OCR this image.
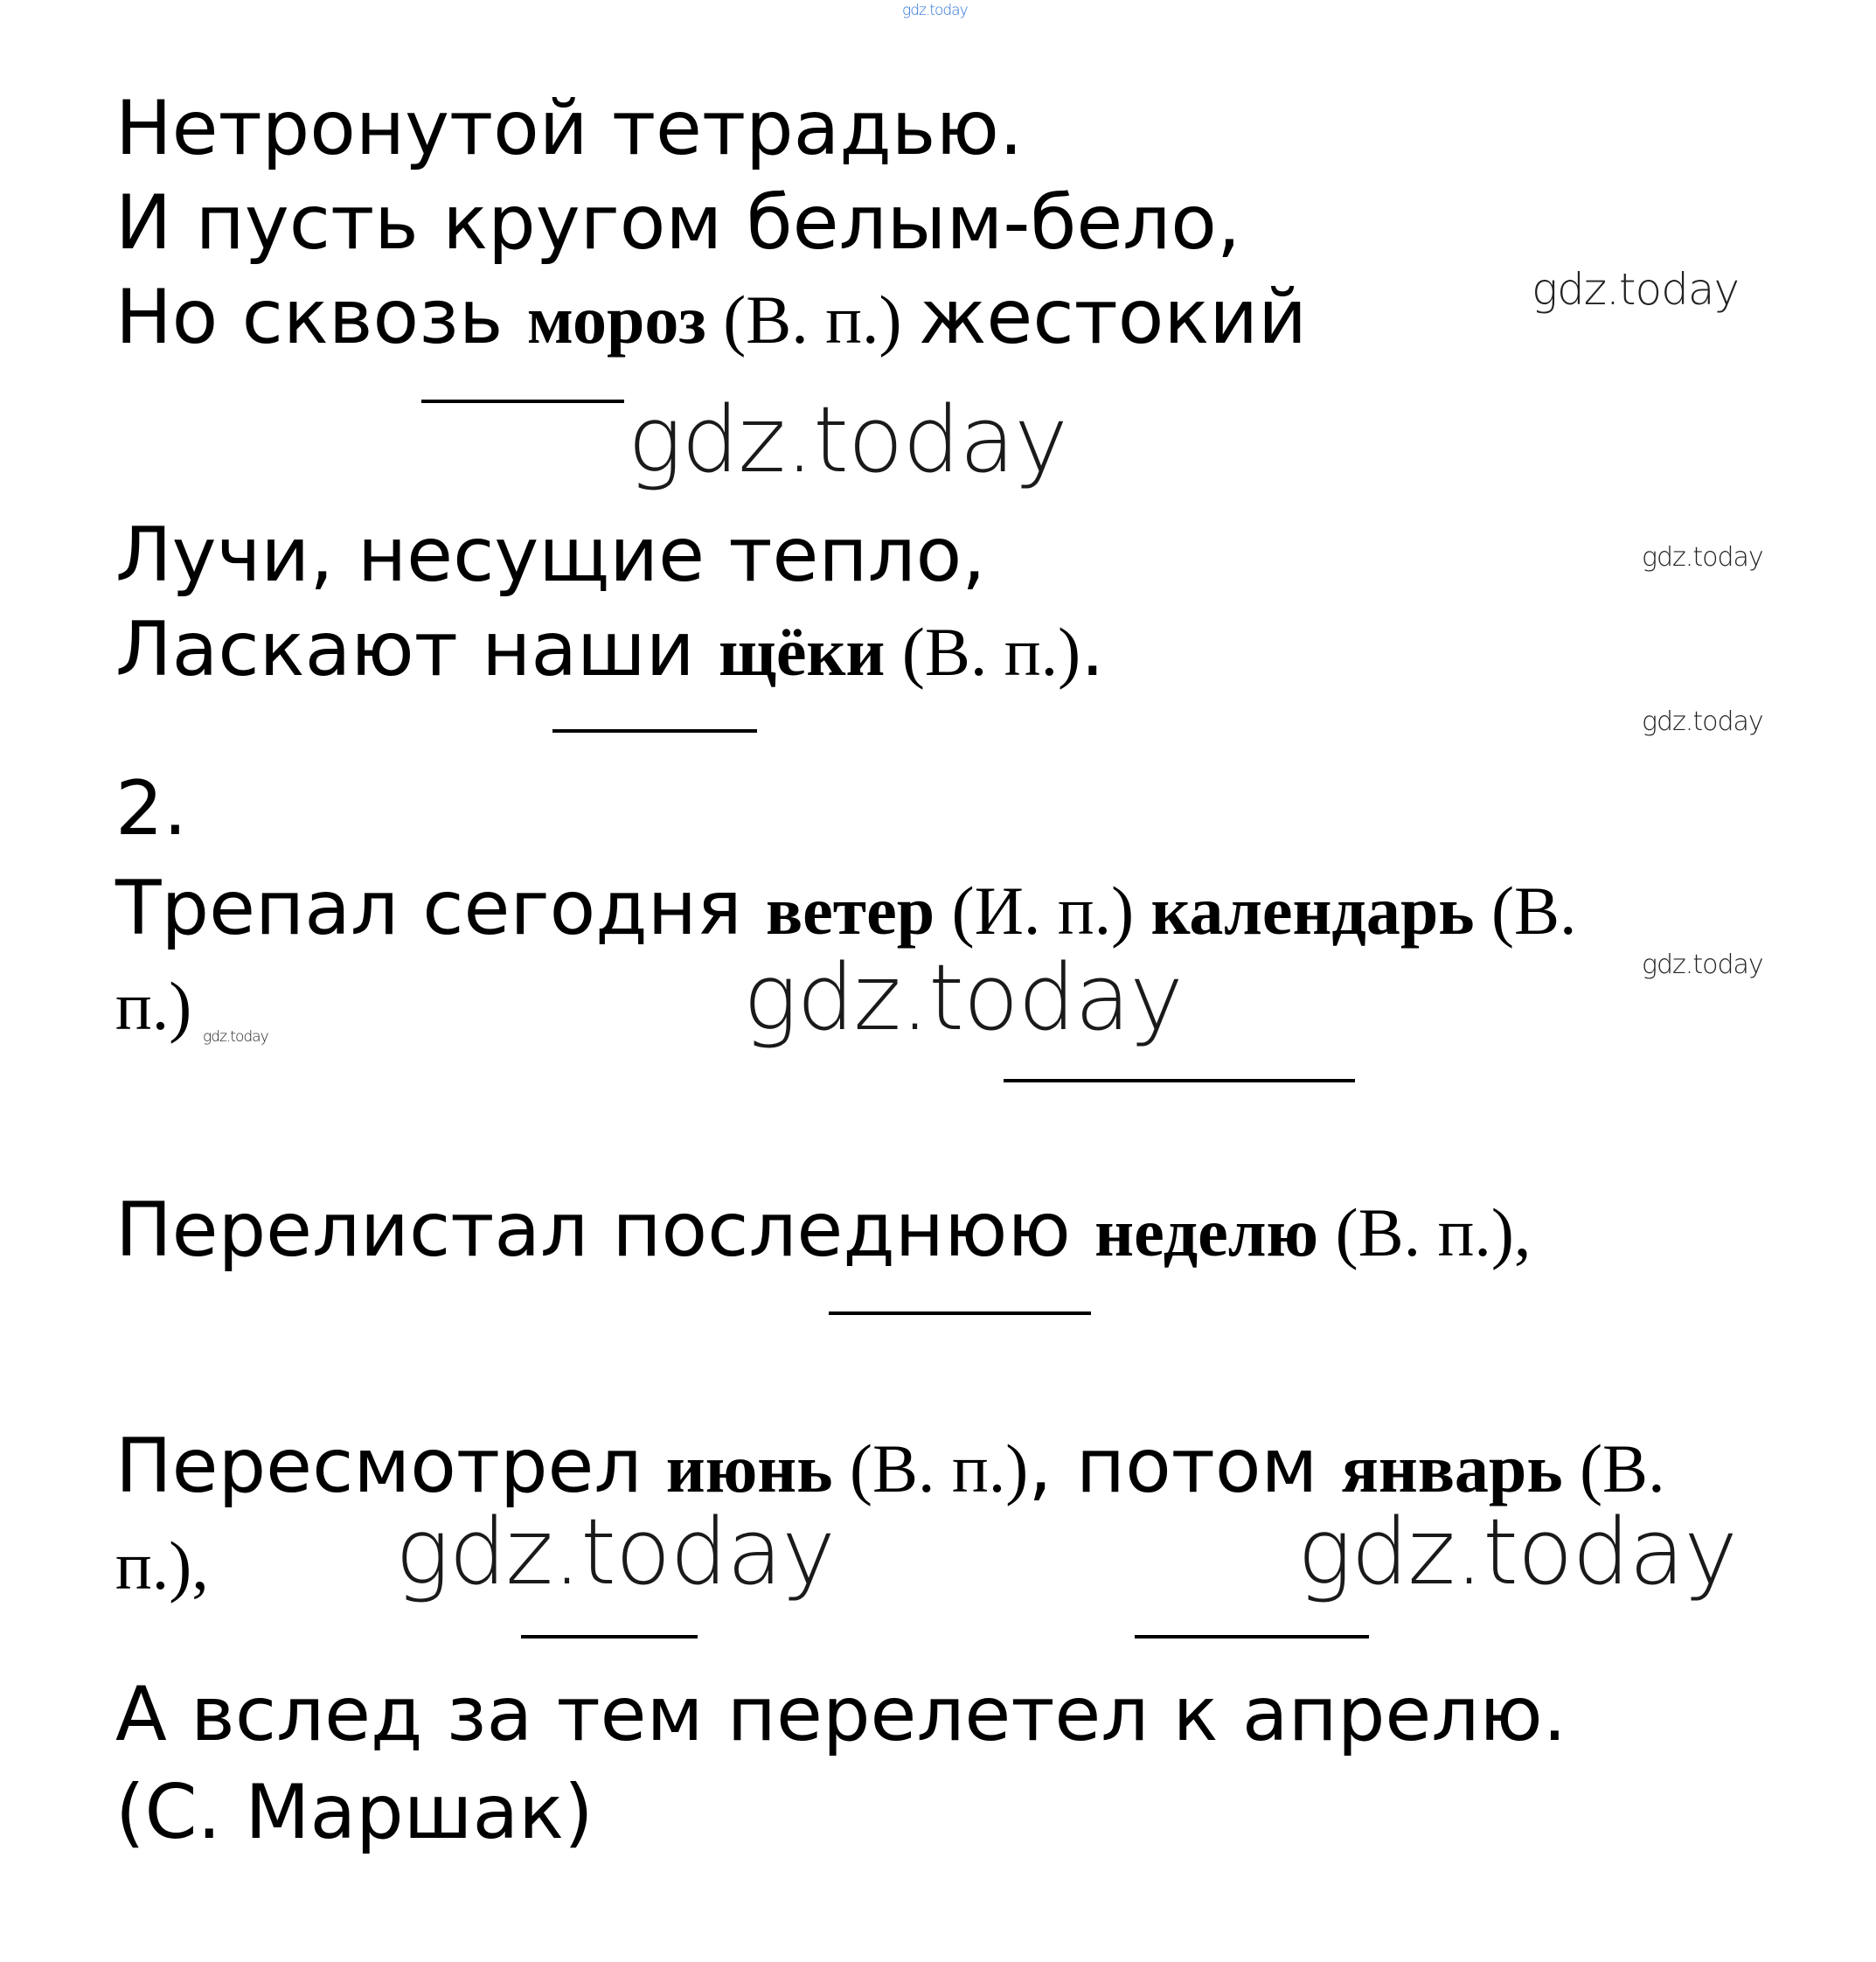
gdz.today

Нетронутой тетрадью.

И пусть кругом белым-бело,

Но сквозь мороз (В. п.) жестокий

gdz.today
gdz.today

Лучи, несущие тепло,	gdz.today

Ласкают наши щёки (В. п.).

gdz.today

2.

Трепал сегодня ветер (И. п.) календарь (В.

gdz.today

п.) gdz.today	gdz.today

Перелистал последнюю неделю (В. п.),

Пересмотрел июнь (В. п.), потом январь (В.

п.), gdz.today	gdz.today

А вслед за тем перелетел к апрелю.

(С. Маршак)
